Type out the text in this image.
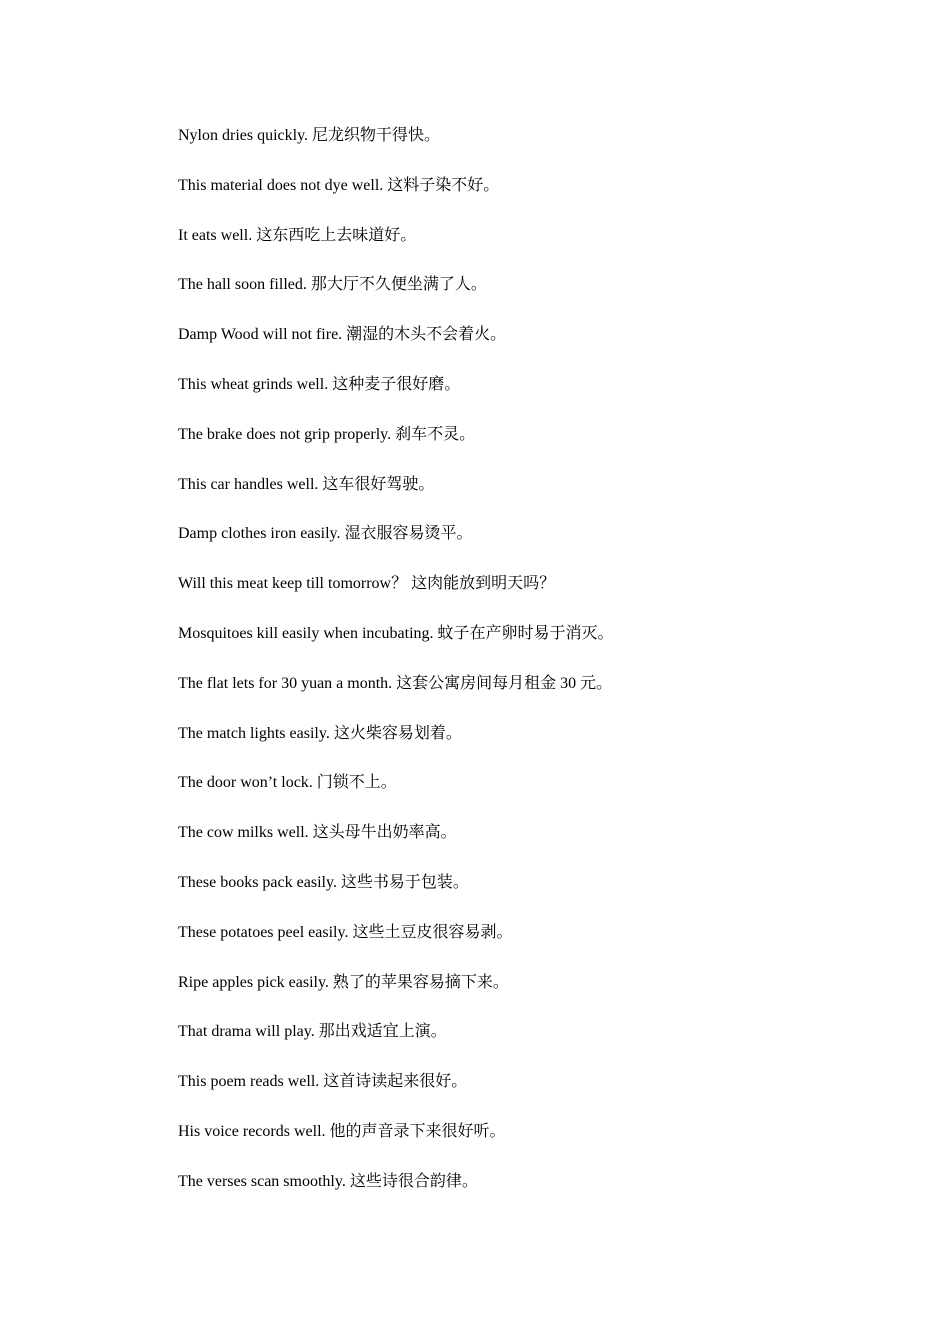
Nylon dries quickly. 尼龙织物干得快。
This material does not dye well. 这料子染不好。
It eats well. 这东西吃上去味道好。
The hall soon filled. 那大厅不久便坐满了人。
Damp Wood will not fire. 潮湿的木头不会着火。
This wheat grinds well. 这种麦子很好磨。
The brake does not grip properly. 刹车不灵。
This car handles well. 这车很好驾驶。
Damp clothes iron easily. 湿衣服容易烫平。
Will this meat keep till tomorrow？ 这肉能放到明天吗？
Mosquitoes kill easily when incubating. 蚊子在产卵时易于消灭。
The flat lets for 30 yuan a month. 这套公寓房间每月租金 30 元。
The match lights easily. 这火柴容易划着。
The door won’t lock. 门锁不上。
The cow milks well. 这头母牛出奶率高。
These books pack easily. 这些书易于包装。
These potatoes peel easily. 这些土豆皮很容易剥。
Ripe apples pick easily. 熟了的苹果容易摘下来。
That drama will play. 那出戏适宜上演。
This poem reads well. 这首诗读起来很好。
His voice records well. 他的声音录下来很好听。
The verses scan smoothly. 这些诗很合韵律。
